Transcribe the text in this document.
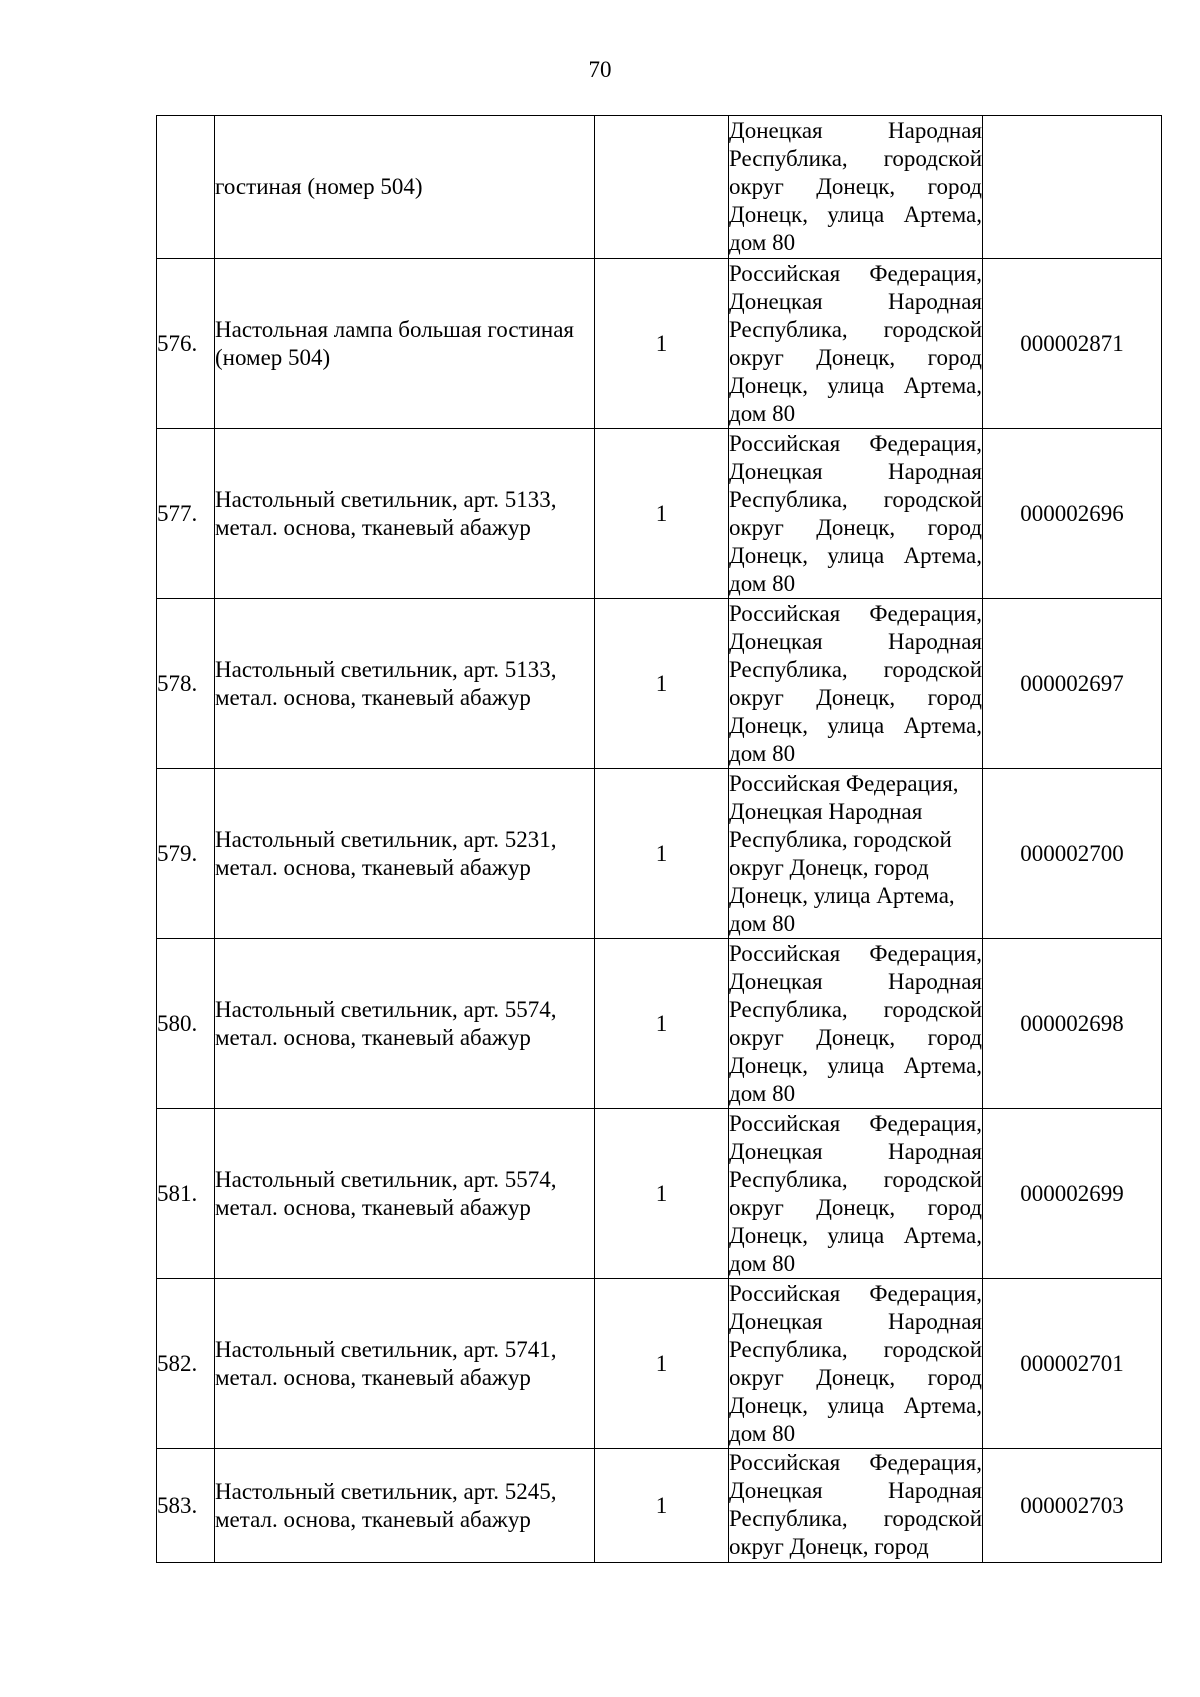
70
	гостиная (номер 504)		Донецкая Народная Республика, городской округ Донецк, город Донецк, улица Артема, дом 80	

576.	Настольная лампа большая гостиная (номер 504)	1	Российская Федерация, Донецкая Народная Республика, городской округ Донецк, город Донецк, улица Артема, дом 80	000002871
577.	Настольный светильник, арт. 5133, метал. основа, тканевый абажур	1	Российская Федерация, Донецкая Народная Республика, городской округ Донецк, город Донецк, улица Артема, дом 80	000002696
578.	Настольный светильник, арт. 5133, метал. основа, тканевый абажур	1	Российская Федерация, Донецкая Народная Республика, городской округ Донецк, город Донецк, улица Артема, дом 80	000002697
579.	Настольный светильник, арт. 5231, метал. основа, тканевый абажур	1	Российская Федерация, Донецкая Народная Республика, городской округ Донецк, город Донецк, улица Артема, дом 80	000002700
580.	Настольный светильник, арт. 5574, метал. основа, тканевый абажур	1	Российская Федерация, Донецкая Народная Республика, городской округ Донецк, город Донецк, улица Артема, дом 80	000002698
581.	Настольный светильник, арт. 5574, метал. основа, тканевый абажур	1	Российская Федерация, Донецкая Народная Республика, городской округ Донецк, город Донецк, улица Артема, дом 80	000002699
582.	Настольный светильник, арт. 5741, метал. основа, тканевый абажур	1	Российская Федерация, Донецкая Народная Республика, городской округ Донецк, город Донецк, улица Артема, дом 80	000002701
583.	Настольный светильник, арт. 5245, метал. основа, тканевый абажур	1	Российская Федерация, Донецкая Народная Республика, городской округ Донецк, город	000002703
